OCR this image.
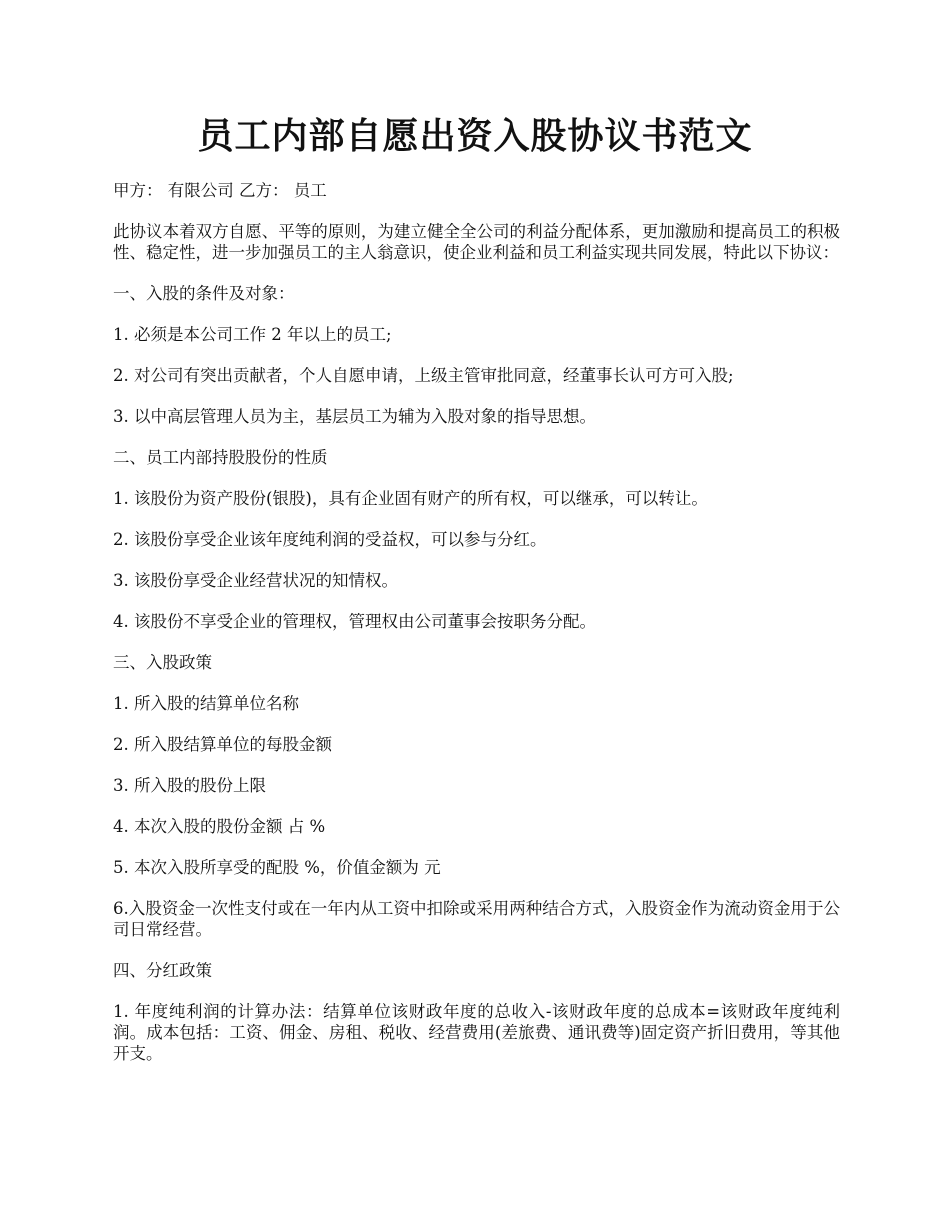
员工内部自愿出资入股协议书范文

甲方： 有限公司 乙方： 员工

此协议本着双方自愿、平等的原则，为建立健全全公司的利益分配体系，更加激励和提高员工的积极性、稳定性，进一步加强员工的主人翁意识，使企业利益和员工利益实现共同发展，特此以下协议：

一、入股的条件及对象：

1. 必须是本公司工作 2 年以上的员工;

2. 对公司有突出贡献者，个人自愿申请，上级主管审批同意，经董事长认可方可入股;

3. 以中高层管理人员为主，基层员工为辅为入股对象的指导思想。

二、员工内部持股股份的性质

1. 该股份为资产股份(银股)，具有企业固有财产的所有权，可以继承，可以转让。

2. 该股份享受企业该年度纯利润的受益权，可以参与分红。

3. 该股份享受企业经营状况的知情权。

4. 该股份不享受企业的管理权，管理权由公司董事会按职务分配。

三、入股政策

1. 所入股的结算单位名称

2. 所入股结算单位的每股金额

3. 所入股的股份上限

4. 本次入股的股份金额 占 %

5. 本次入股所享受的配股 %，价值金额为 元

6.入股资金一次性支付或在一年内从工资中扣除或采用两种结合方式，入股资金作为流动资金用于公司日常经营。

四、分红政策

1. 年度纯利润的计算办法：结算单位该财政年度的总收入-该财政年度的总成本=该财政年度纯利润。成本包括：工资、佣金、房租、税收、经营费用(差旅费、通讯费等)固定资产折旧费用，等其他开支。
